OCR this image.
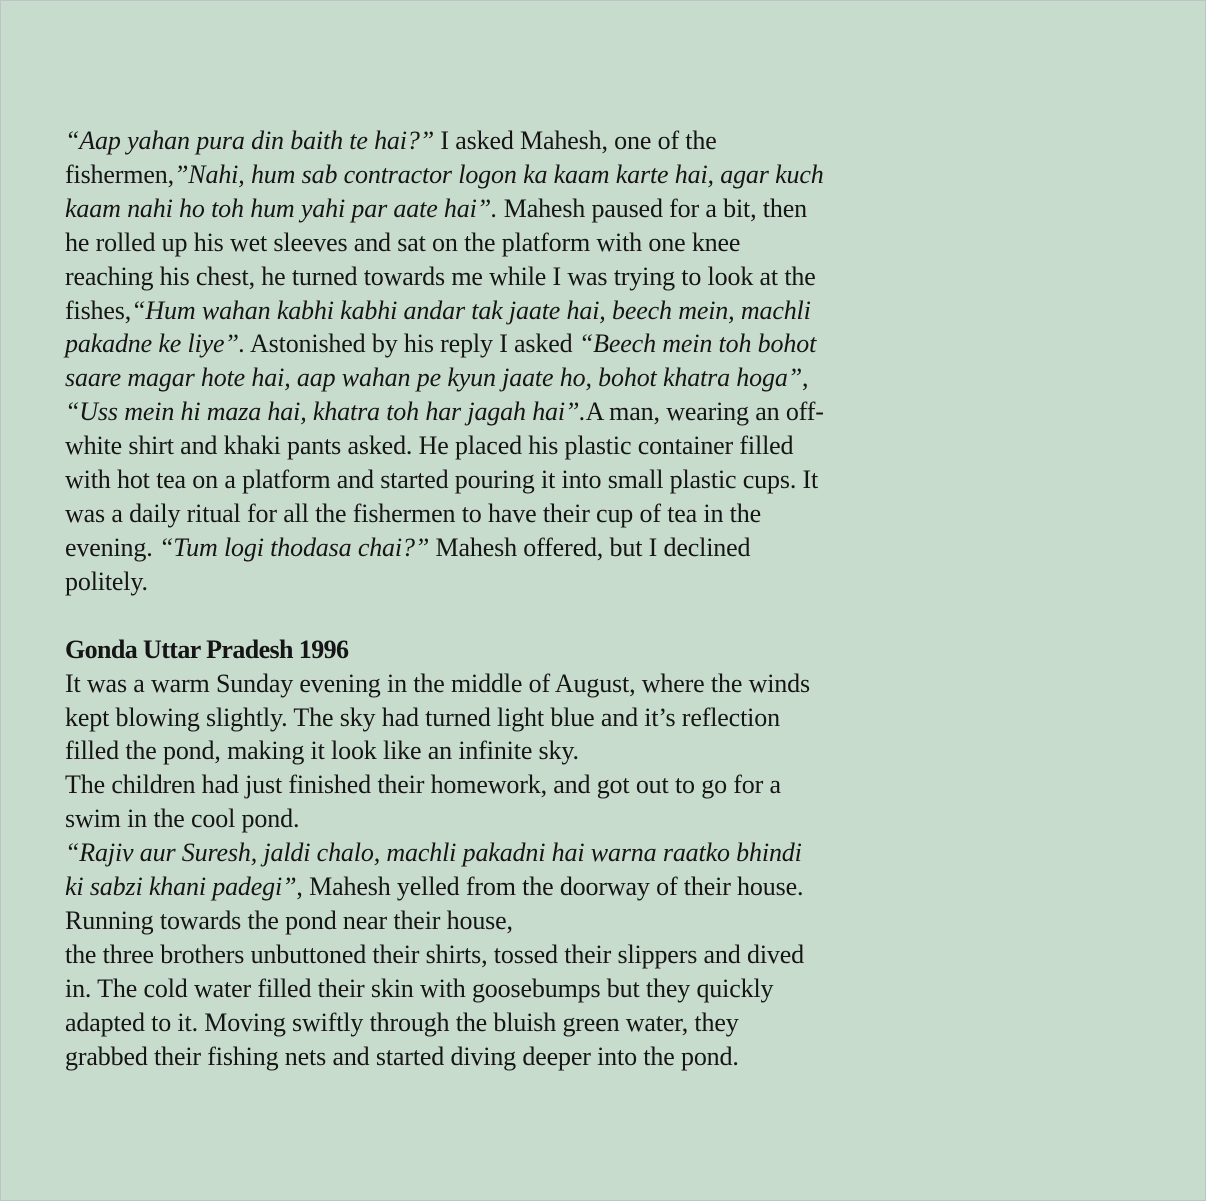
“Aap yahan pura din baith te hai?” I asked Mahesh, one of the fishermen,”Nahi, hum sab contractor logon ka kaam karte hai, agar kuch kaam nahi ho toh hum yahi par aate hai”. Mahesh paused for a bit, then he rolled up his wet sleeves and sat on the platform with one knee reaching his chest, he turned towards me while I was trying to look at the fishes,“Hum wahan kabhi kabhi andar tak jaate hai, beech mein, machli pakadne ke liye”. Astonished by his reply I asked “Beech mein toh bohot saare magar hote hai, aap wahan pe kyun jaate ho, bohot khatra hoga”, “Uss mein hi maza hai, khatra toh har jagah hai”.A man, wearing an off-white shirt and khaki pants asked. He placed his plastic container filled with hot tea on a platform and started pouring it into small plastic cups. It was a daily ritual for all the fishermen to have their cup of tea in the evening. “Tum logi thodasa chai?” Mahesh offered, but I declined politely.

Gonda Uttar Pradesh 1996

It was a warm Sunday evening in the middle of August, where the winds kept blowing slightly. The sky had turned light blue and it’s reflection filled the pond, making it look like an infinite sky.

The children had just finished their homework, and got out to go for a swim in the cool pond.

“Rajiv aur Suresh, jaldi chalo, machli pakadni hai warna raatko bhindi ki sabzi khani padegi”, Mahesh yelled from the doorway of their house. Running towards the pond near their house,

the three brothers unbuttoned their shirts, tossed their slippers and dived in. The cold water filled their skin with goosebumps but they quickly adapted to it. Moving swiftly through the bluish green water, they grabbed their fishing nets and started diving deeper into the pond.
